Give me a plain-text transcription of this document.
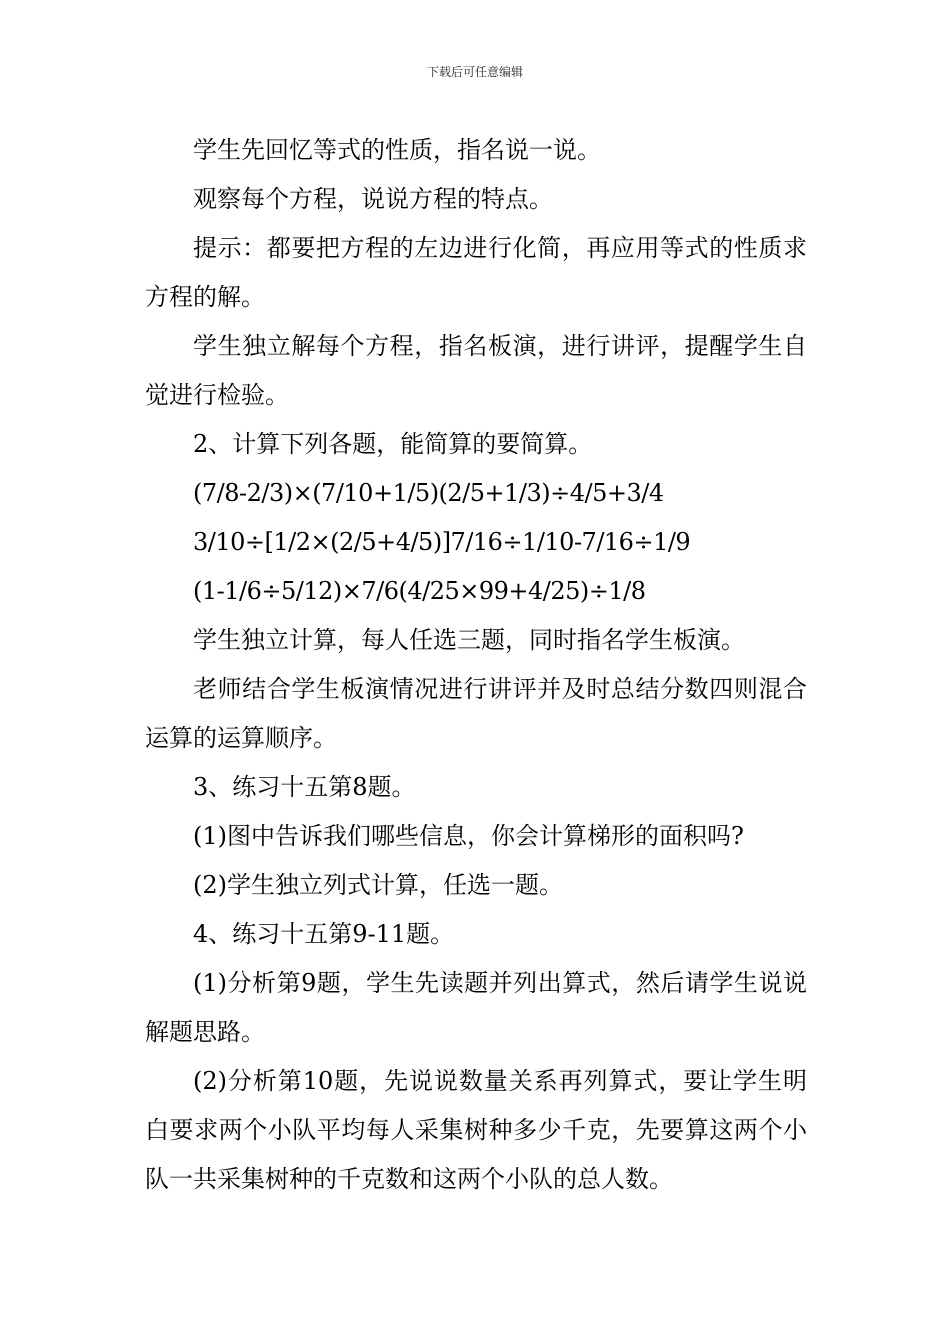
下载后可任意编辑

学生先回忆等式的性质，指名说一说。

观察每个方程，说说方程的特点。

提示：都要把方程的左边进行化简，再应用等式的性质求方程的解。

学生独立解每个方程，指名板演，进行讲评，提醒学生自觉进行检验。

2、计算下列各题，能简算的要简算。

(7/8-2/3)×(7/10+1/5)(2/5+1/3)÷4/5+3/4

3/10÷[1/2×(2/5+4/5)]7/16÷1/10-7/16÷1/9

(1-1/6÷5/12)×7/6(4/25×99+4/25)÷1/8

学生独立计算，每人任选三题，同时指名学生板演。

老师结合学生板演情况进行讲评并及时总结分数四则混合运算的运算顺序。

3、练习十五第8题。

(1)图中告诉我们哪些信息，你会计算梯形的面积吗?

(2)学生独立列式计算，任选一题。

4、练习十五第9-11题。

(1)分析第9题，学生先读题并列出算式，然后请学生说说解题思路。

(2)分析第10题，先说说数量关系再列算式，要让学生明白要求两个小队平均每人采集树种多少千克，先要算这两个小队一共采集树种的千克数和这两个小队的总人数。
